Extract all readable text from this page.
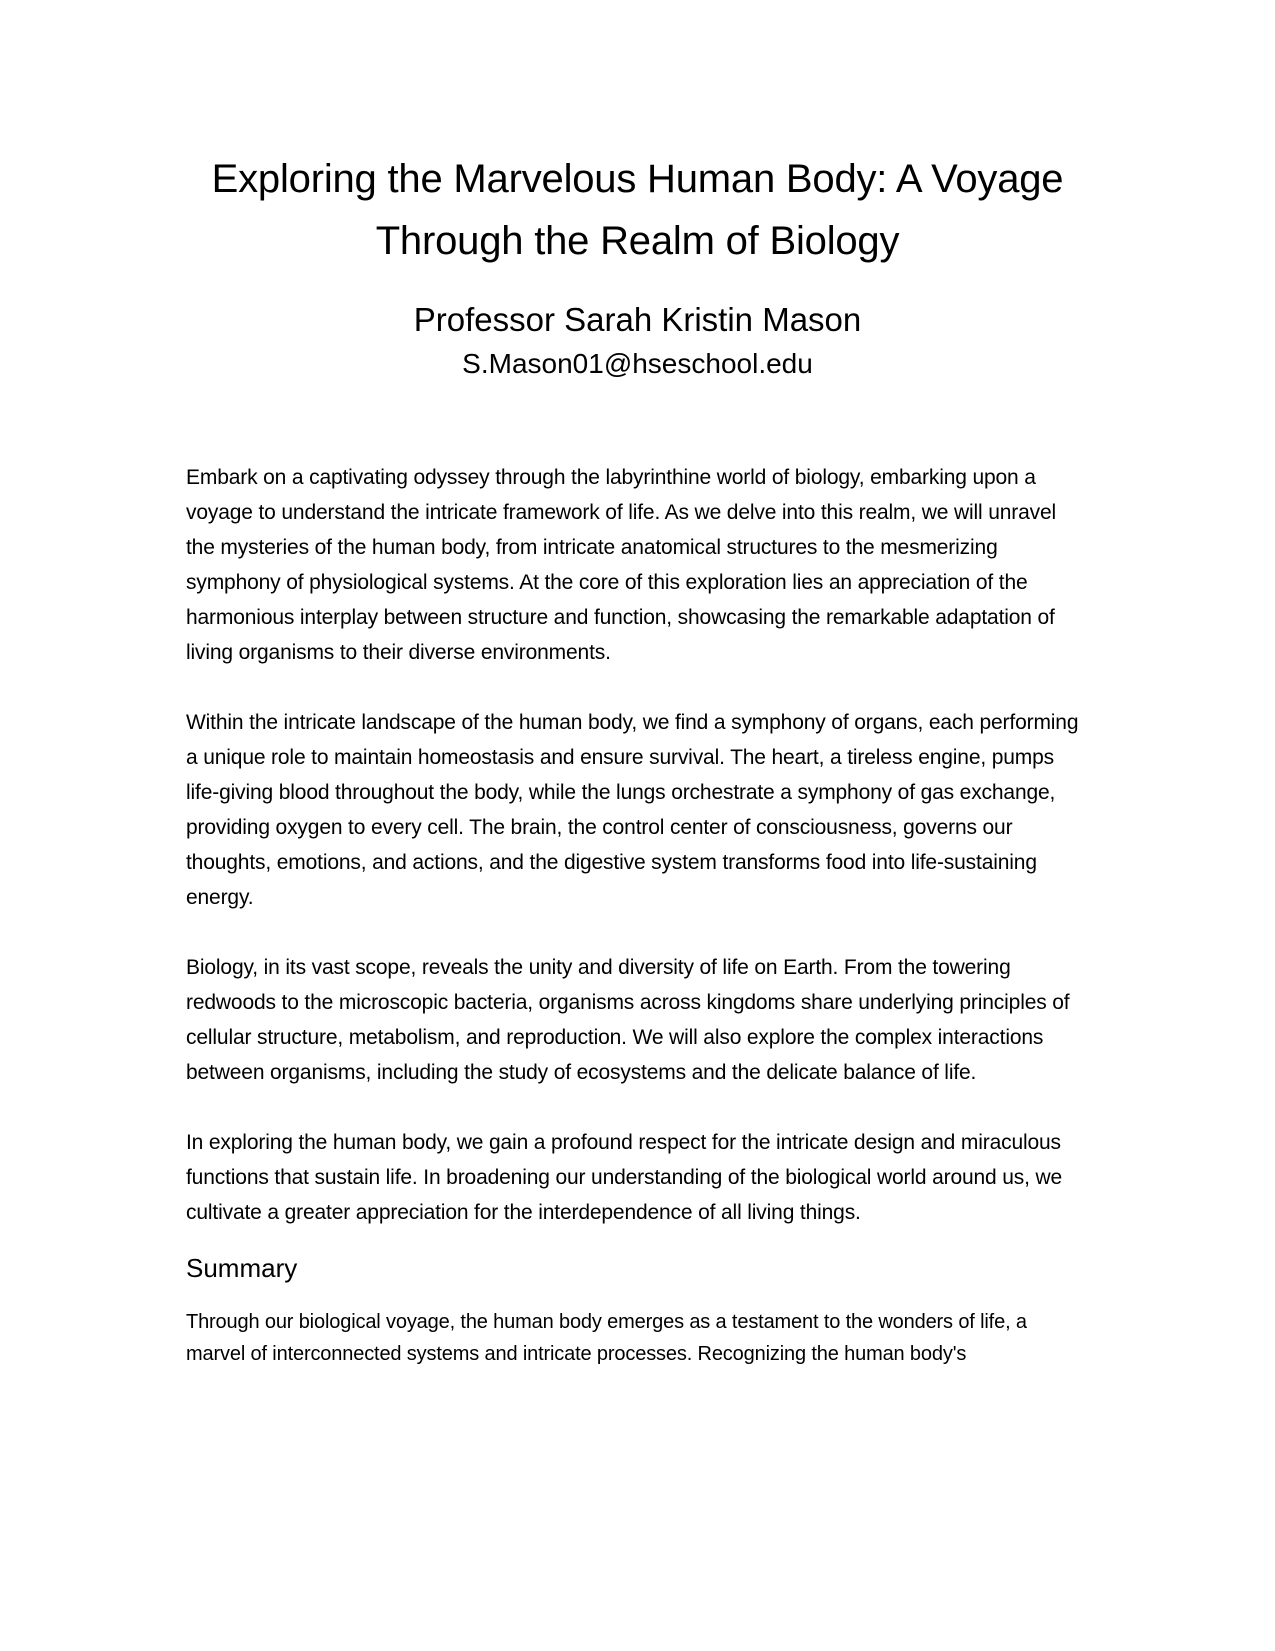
Exploring the Marvelous Human Body: A Voyage Through the Realm of Biology

Professor Sarah Kristin Mason

S.Mason01@hseschool.edu

Embark on a captivating odyssey through the labyrinthine world of biology, embarking upon a voyage to understand the intricate framework of life. As we delve into this realm, we will unravel the mysteries of the human body, from intricate anatomical structures to the mesmerizing symphony of physiological systems. At the core of this exploration lies an appreciation of the harmonious interplay between structure and function, showcasing the remarkable adaptation of living organisms to their diverse environments.

Within the intricate landscape of the human body, we find a symphony of organs, each performing a unique role to maintain homeostasis and ensure survival. The heart, a tireless engine, pumps life-giving blood throughout the body, while the lungs orchestrate a symphony of gas exchange, providing oxygen to every cell. The brain, the control center of consciousness, governs our thoughts, emotions, and actions, and the digestive system transforms food into life-sustaining energy.

Biology, in its vast scope, reveals the unity and diversity of life on Earth. From the towering redwoods to the microscopic bacteria, organisms across kingdoms share underlying principles of cellular structure, metabolism, and reproduction. We will also explore the complex interactions between organisms, including the study of ecosystems and the delicate balance of life.

In exploring the human body, we gain a profound respect for the intricate design and miraculous functions that sustain life. In broadening our understanding of the biological world around us, we cultivate a greater appreciation for the interdependence of all living things.

Summary

Through our biological voyage, the human body emerges as a testament to the wonders of life, a marvel of interconnected systems and intricate processes. Recognizing the human body's
